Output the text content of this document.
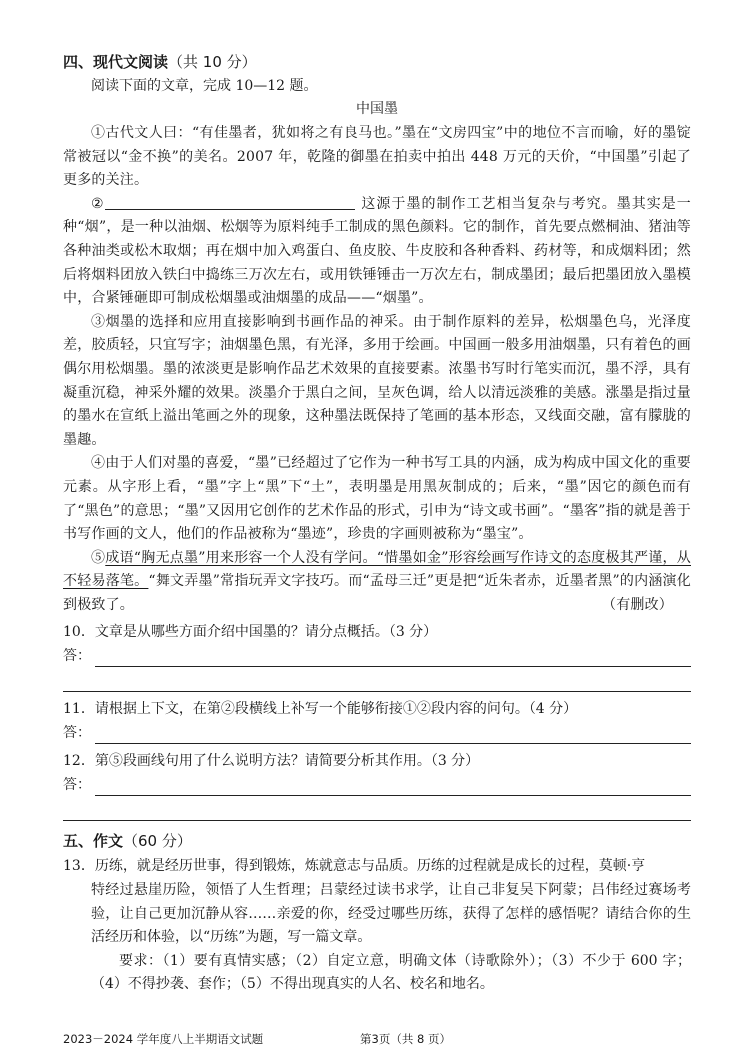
四、现代文阅读（共 10 分）
阅读下面的文章，完成 10—12 题。
中国墨

①古代文人曰：“有佳墨者，犹如将之有良马也。”墨在“文房四宝”中的地位不言而喻，好的墨锭常被冠以“金不换”的美名。2007 年，乾隆的御墨在拍卖中拍出 448 万元的天价，“中国墨”引起了更多的关注。

②	这源于墨的制作工艺相当复杂与考究。墨其实是一种“烟”，是一种以油烟、松烟等为原料纯手工制成的黑色颜料。它的制作，首先要点燃桐油、猪油等各种油类或松木取烟；再在烟中加入鸡蛋白、鱼皮胶、牛皮胶和各种香料、药材等，和成烟料团；然后将烟料团放入铁臼中捣练三万次左右，或用铁锤锤击一万次左右，制成墨团；最后把墨团放入墨模中，合紧锤砸即可制成松烟墨或油烟墨的成品——“烟墨”。

③烟墨的选择和应用直接影响到书画作品的神采。由于制作原料的差异，松烟墨色乌，光泽度差，胶质轻，只宜写字；油烟墨色黑，有光泽，多用于绘画。中国画一般多用油烟墨，只有着色的画偶尔用松烟墨。墨的浓淡更是影响作品艺术效果的直接要素。浓墨书写时行笔实而沉，墨不浮，具有凝重沉稳，神采外耀的效果。淡墨介于黑白之间，呈灰色调，给人以清远淡雅的美感。涨墨是指过量的墨水在宣纸上溢出笔画之外的现象，这种墨法既保持了笔画的基本形态，又线面交融，富有朦胧的墨趣。

④由于人们对墨的喜爱，“墨”已经超过了它作为一种书写工具的内涵，成为构成中国文化的重要元素。从字形上看，“墨”字上“黑”下“土”，表明墨是用黑灰制成的；后来，“墨”因它的颜色而有了“黑色”的意思；“墨”又因用它创作的艺术作品的形式，引申为“诗文或书画”。“墨客”指的就是善于书写作画的文人，他们的作品被称为“墨迹”，珍贵的字画则被称为“墨宝”。

⑤成语“胸无点墨”用来形容一个人没有学问。“惜墨如金”形容绘画写作诗文的态度极其严谨，从不轻易落笔。“舞文弄墨”常指玩弄文字技巧。而“孟母三迁”更是把“近朱者赤，近墨者黑”的内涵演化到极致了。	（有删改）

10．文章是从哪些方面介绍中国墨的？请分点概括。（3 分）
答：
11．请根据上下文，在第②段横线上补写一个能够衔接①②段内容的问句。（4 分）
答：
12．第⑤段画线句用了什么说明方法？请简要分析其作用。（3 分）
答：
五、作文（60 分）
13．历练，就是经历世事，得到锻炼，炼就意志与品质。历练的过程就是成长的过程，莫顿·亨
特经过悬崖历险，领悟了人生哲理；吕蒙经过读书求学，让自己非复吴下阿蒙；吕伟经过赛场考验，让自己更加沉静从容……亲爱的你，经受过哪些历练，获得了怎样的感悟呢？请结合你的生活经历和体验，以“历练”为题，写一篇文章。
要求：（1）要有真情实感；（2）自定立意，明确文体（诗歌除外）；（3）不少于 600 字；（4）不得抄袭、套作；（5）不得出现真实的人名、校名和地名。
2023－2024 学年度八上半期语文试题	第3页（共 8 页）
